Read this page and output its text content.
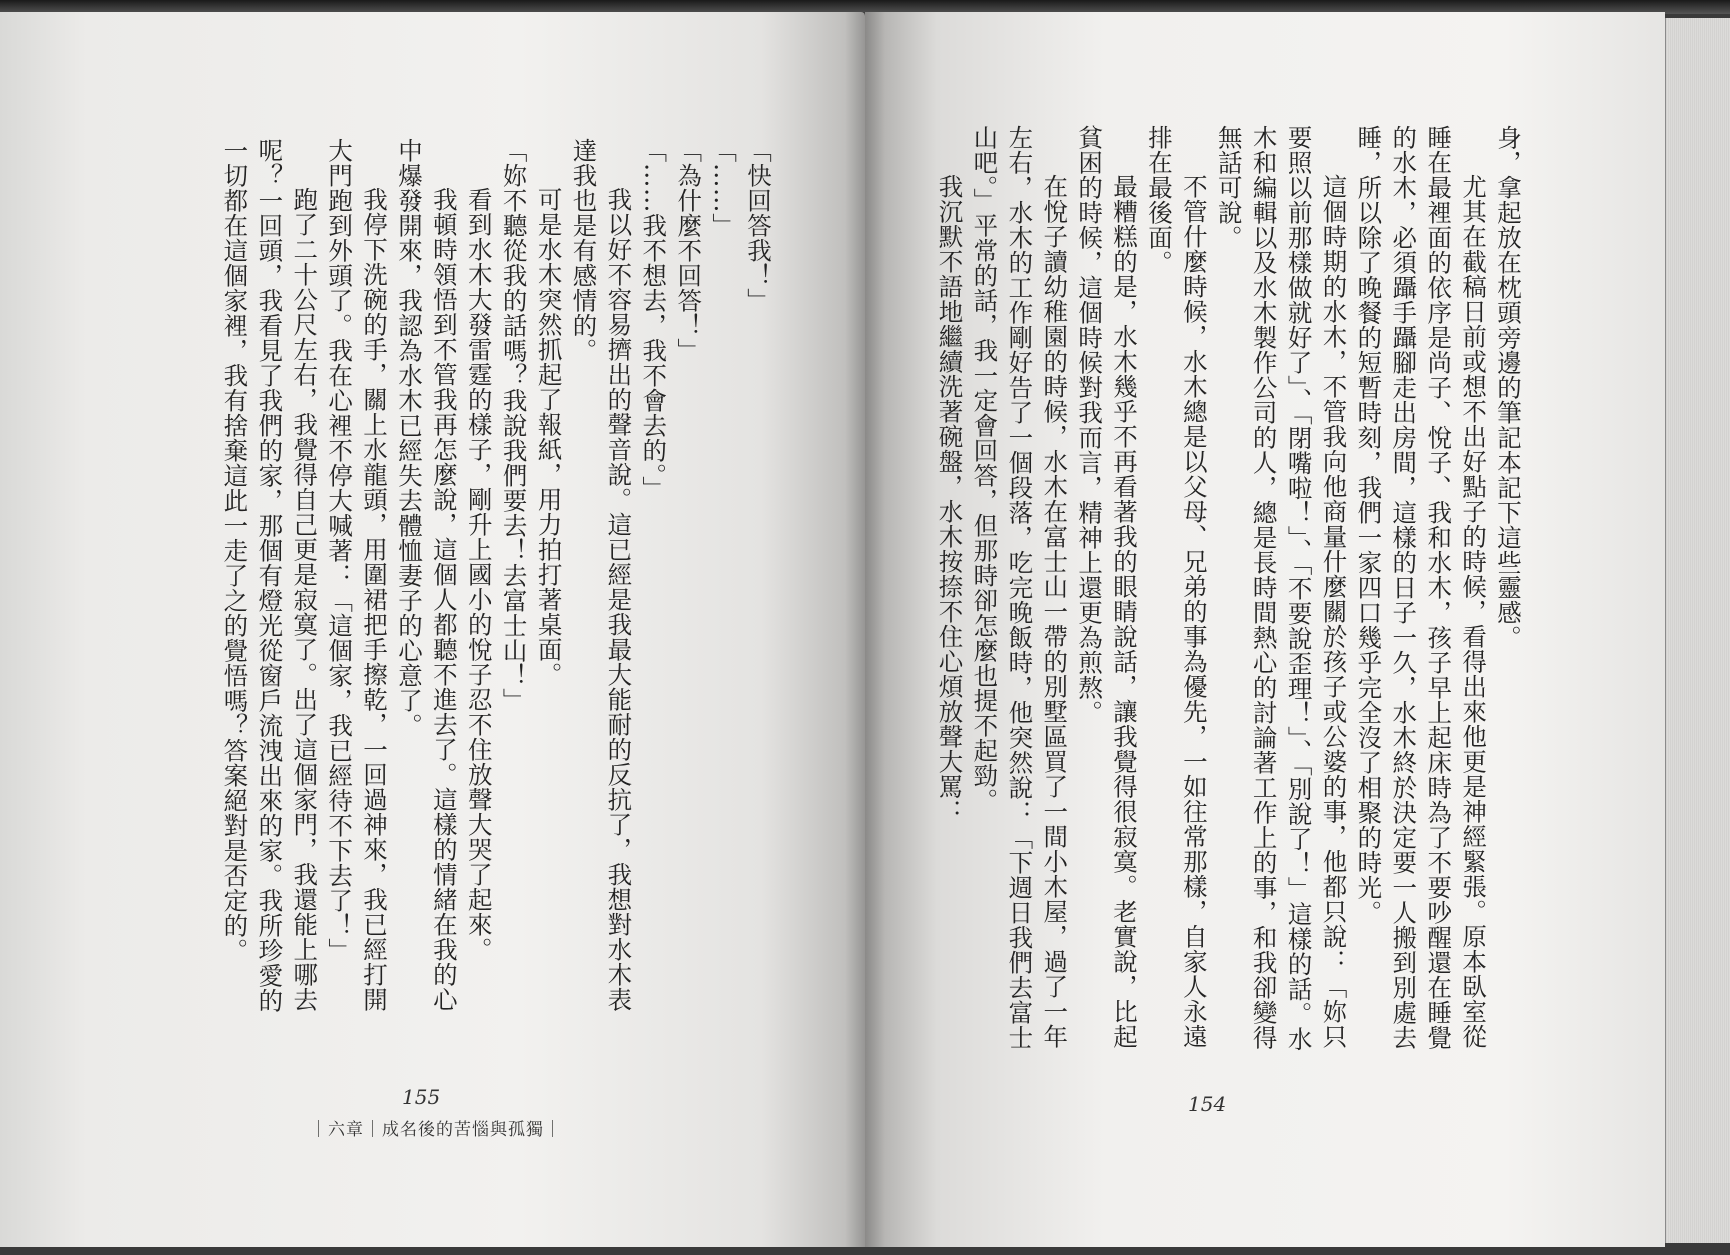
「快回答我！」

「……」

「為什麼不回答！」

「……我不想去，我不會去的。」

我以好不容易擠出的聲音說。這已經是我最大能耐的反抗了，我想對水木表達我也是有感情的。

可是水木突然抓起了報紙，用力拍打著桌面。

「妳不聽從我的話嗎？我說我們要去！去富士山！」

看到水木大發雷霆的樣子，剛升上國小的悅子忍不住放聲大哭了起來。

我頓時領悟到不管我再怎麼說，這個人都聽不進去了。這樣的情緒在我的心中爆發開來，我認為水木已經失去體恤妻子的心意了。

我停下洗碗的手，關上水龍頭，用圍裙把手擦乾，一回過神來，我已經打開大門跑到外頭了。我在心裡不停大喊著：「這個家，我已經待不下去了！」

跑了二十公尺左右，我覺得自己更是寂寞了。出了這個家門，我還能上哪去呢？一回頭，我看見了我們的家，那個有燈光從窗戶流洩出來的家。我所珍愛的一切都在這個家裡，我有捨棄這此一走了之的覺悟嗎？答案絕對是否定的。	身，拿起放在枕頭旁邊的筆記本記下這些靈感。

尤其在截稿日前或想不出好點子的時候，看得出來他更是神經緊張。原本臥室從睡在最裡面的依序是尚子、悅子、我和水木，孩子早上起床時為了不要吵醒還在睡覺的水木，必須躡手躡腳走出房間，這樣的日子一久，水木終於決定要一人搬到別處去睡，所以除了晚餐的短暫時刻，我們一家四口幾乎完全沒了相聚的時光。

這個時期的水木，不管我向他商量什麼關於孩子或公婆的事，他都只說：「妳只要照以前那樣做就好了」、「閉嘴啦！」、「不要說歪理！」、「別說了！」這樣的話。水木和編輯以及水木製作公司的人，總是長時間熱心的討論著工作上的事，和我卻變得無話可說。

不管什麼時候，水木總是以父母、兄弟的事為優先，一如往常那樣，自家人永遠排在最後面。

最糟糕的是，水木幾乎不再看著我的眼睛說話，讓我覺得很寂寞。老實說，比起貧困的時候，這個時候對我而言，精神上還更為煎熬。

在悅子讀幼稚園的時候，水木在富士山一帶的別墅區買了一間小木屋，過了一年左右，水木的工作剛好告了一個段落，吃完晚飯時，他突然說：「下週日我們去富士山吧。」平常的話，我一定會回答，但那時卻怎麼也提不起勁。

我沉默不語地繼續洗著碗盤，水木按捺不住心煩放聲大罵：

155
｜六章｜成名後的苦惱與孤獨｜
154
